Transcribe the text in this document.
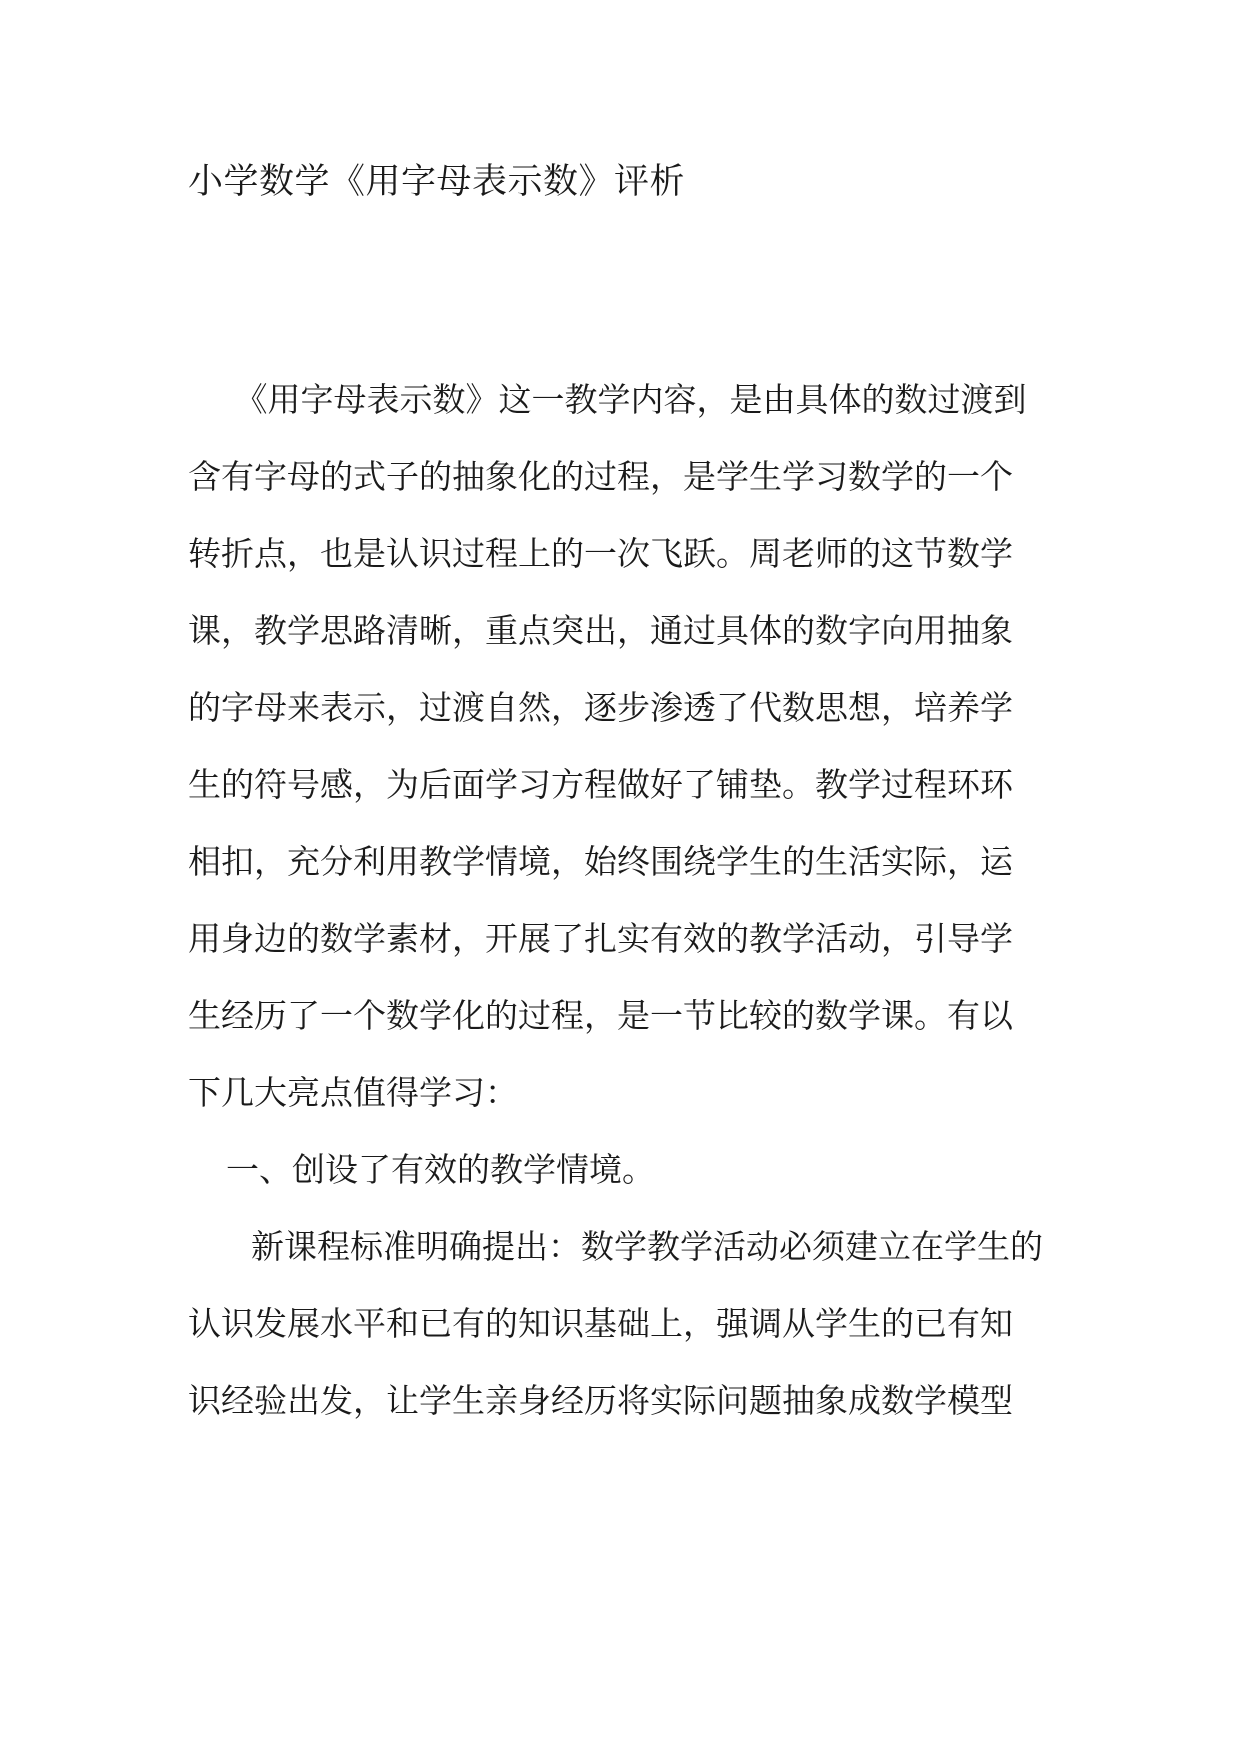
小学数学《用字母表示数》评析
　《用字母表示数》这一教学内容，是由具体的数过渡到
含有字母的式子的抽象化的过程，是学生学习数学的一个
转折点，也是认识过程上的一次飞跃。周老师的这节数学
课，教学思路清晰，重点突出，通过具体的数字向用抽象
的字母来表示，过渡自然，逐步渗透了代数思想，培养学
生的符号感，为后面学习方程做好了铺垫。教学过程环环
相扣，充分利用教学情境，始终围绕学生的生活实际，运
用身边的数学素材，开展了扎实有效的教学活动，引导学
生经历了一个数学化的过程，是一节比较的数学课。有以
下几大亮点值得学习：
一、创设了有效的教学情境。
　新课程标准明确提出：数学教学活动必须建立在学生的
认识发展水平和已有的知识基础上，强调从学生的已有知
识经验出发，让学生亲身经历将实际问题抽象成数学模型
